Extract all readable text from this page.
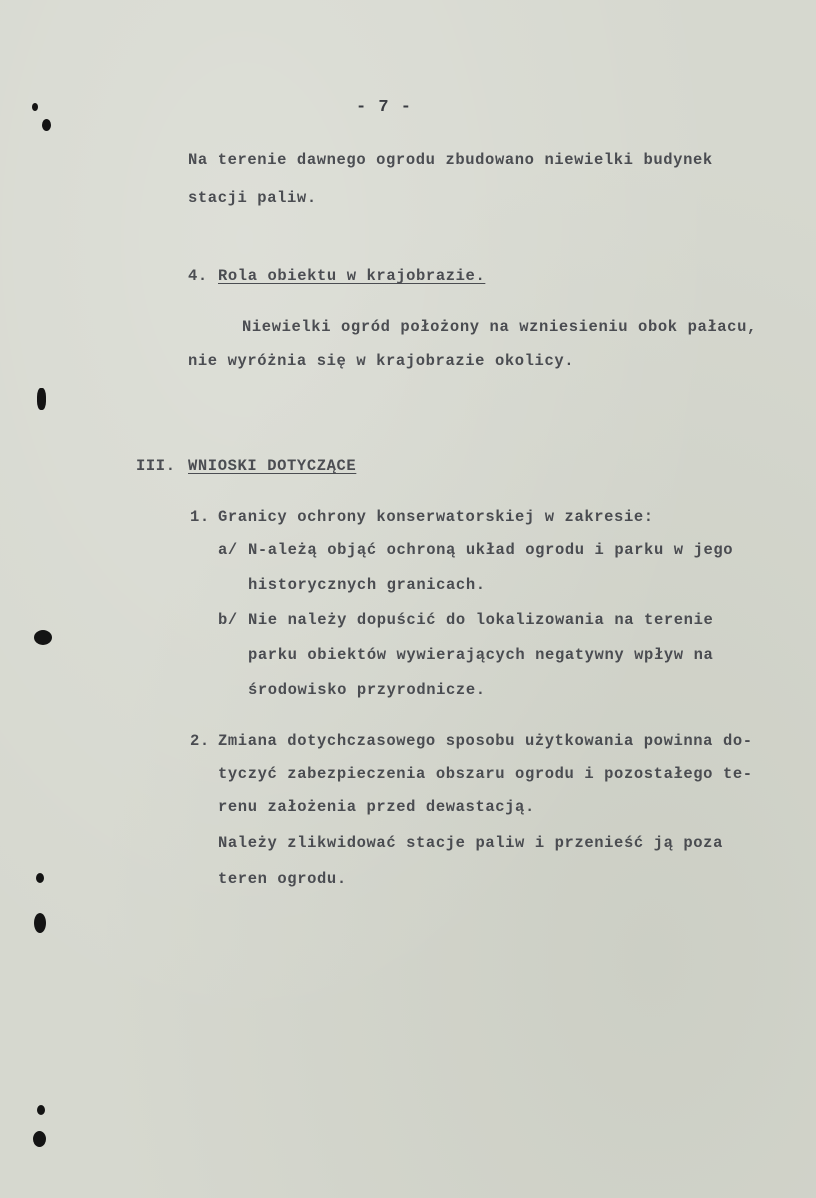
- 7 -
Na terenie dawnego ogrodu zbudowano niewielki budynek
stacji paliw.
4. Rola obiektu w krajobrazie.
Niewielki ogród położony na wzniesieniu obok pałacu,
nie wyróżnia się w krajobrazie okolicy.
III. WNIOSKI DOTYCZĄCE
1. Granicy ochrony konserwatorskiej w zakresie:
a/ N-ależą objąć ochroną układ ogrodu i parku w jego
historycznych granicach.
b/ Nie należy dopuścić do lokalizowania na terenie
parku obiektów wywierających negatywny wpływ na
środowisko przyrodnicze.
2. Zmiana dotychczasowego sposobu użytkowania powinna do-
tyczyć zabezpieczenia obszaru ogrodu i pozostałego te-
renu założenia przed dewastacją.
Należy zlikwidować stacje paliw i przenieść ją poza
teren ogrodu.
